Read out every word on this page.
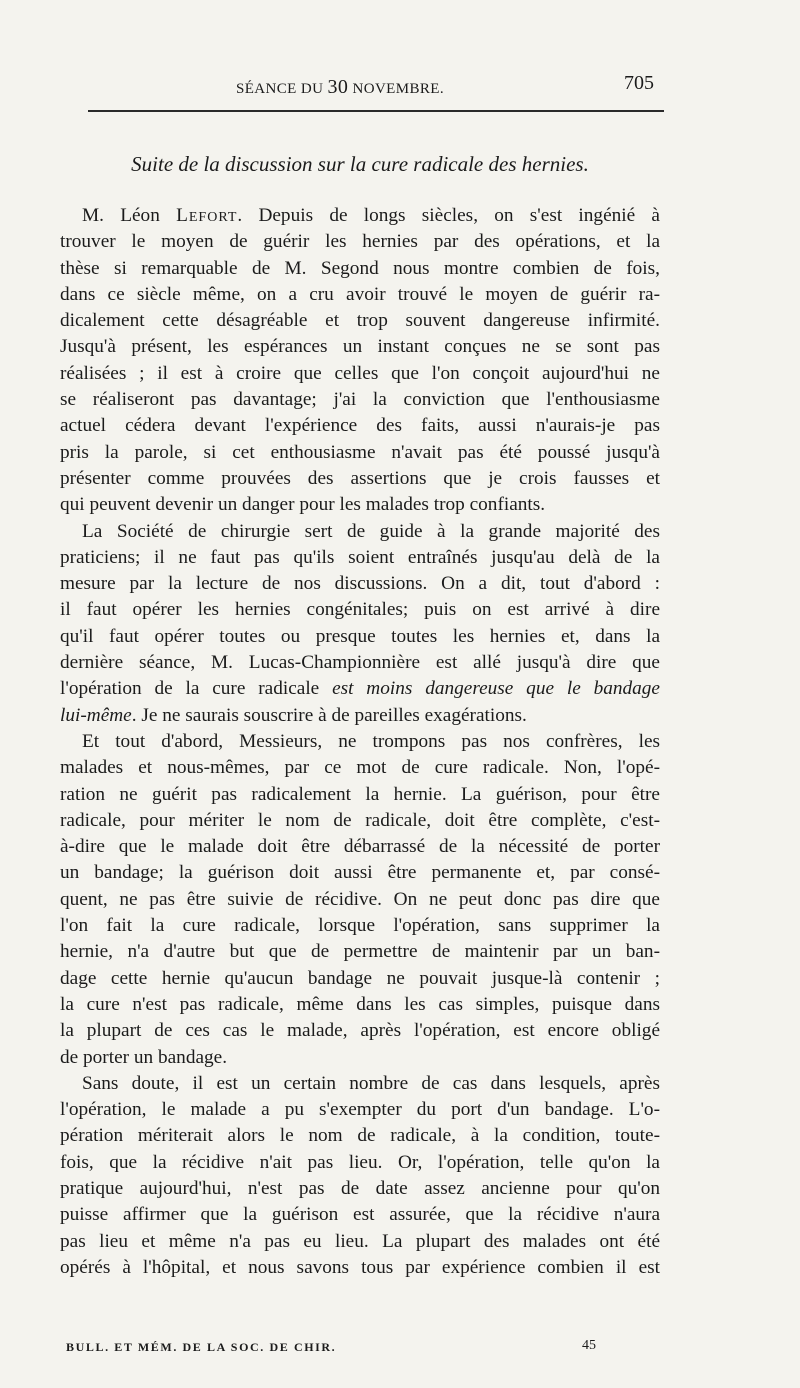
SÉANCE DU 30 NOVEMBRE.	705
Suite de la discussion sur la cure radicale des hernies.
M. Léon Lefort. Depuis de longs siècles, on s'est ingénié à
trouver le moyen de guérir les hernies par des opérations, et la
thèse si remarquable de M. Segond nous montre combien de fois,
dans ce siècle même, on a cru avoir trouvé le moyen de guérir ra-
dicalement cette désagréable et trop souvent dangereuse infirmité.
Jusqu'à présent, les espérances un instant conçues ne se sont pas
réalisées ; il est à croire que celles que l'on conçoit aujourd'hui ne
se réaliseront pas davantage; j'ai la conviction que l'enthousiasme
actuel cédera devant l'expérience des faits, aussi n'aurais-je pas
pris la parole, si cet enthousiasme n'avait pas été poussé jusqu'à
présenter comme prouvées des assertions que je crois fausses et
qui peuvent devenir un danger pour les malades trop confiants.
La Société de chirurgie sert de guide à la grande majorité des
praticiens; il ne faut pas qu'ils soient entraînés jusqu'au delà de la
mesure par la lecture de nos discussions. On a dit, tout d'abord :
il faut opérer les hernies congénitales; puis on est arrivé à dire
qu'il faut opérer toutes ou presque toutes les hernies et, dans la
dernière séance, M. Lucas-Championnière est allé jusqu'à dire que
l'opération de la cure radicale est moins dangereuse que le bandage
lui-même. Je ne saurais souscrire à de pareilles exagérations.
Et tout d'abord, Messieurs, ne trompons pas nos confrères, les
malades et nous-mêmes, par ce mot de cure radicale. Non, l'opé-
ration ne guérit pas radicalement la hernie. La guérison, pour être
radicale, pour mériter le nom de radicale, doit être complète, c'est-
à-dire que le malade doit être débarrassé de la nécessité de porter
un bandage; la guérison doit aussi être permanente et, par consé-
quent, ne pas être suivie de récidive. On ne peut donc pas dire que
l'on fait la cure radicale, lorsque l'opération, sans supprimer la
hernie, n'a d'autre but que de permettre de maintenir par un ban-
dage cette hernie qu'aucun bandage ne pouvait jusque-là contenir ;
la cure n'est pas radicale, même dans les cas simples, puisque dans
la plupart de ces cas le malade, après l'opération, est encore obligé
de porter un bandage.
Sans doute, il est un certain nombre de cas dans lesquels, après
l'opération, le malade a pu s'exempter du port d'un bandage. L'o-
pération mériterait alors le nom de radicale, à la condition, toute-
fois, que la récidive n'ait pas lieu. Or, l'opération, telle qu'on la
pratique aujourd'hui, n'est pas de date assez ancienne pour qu'on
puisse affirmer que la guérison est assurée, que la récidive n'aura
pas lieu et même n'a pas eu lieu. La plupart des malades ont été
opérés à l'hôpital, et nous savons tous par expérience combien il est
BULL. ET MÉM. DE LA SOC. DE CHIR.	45
